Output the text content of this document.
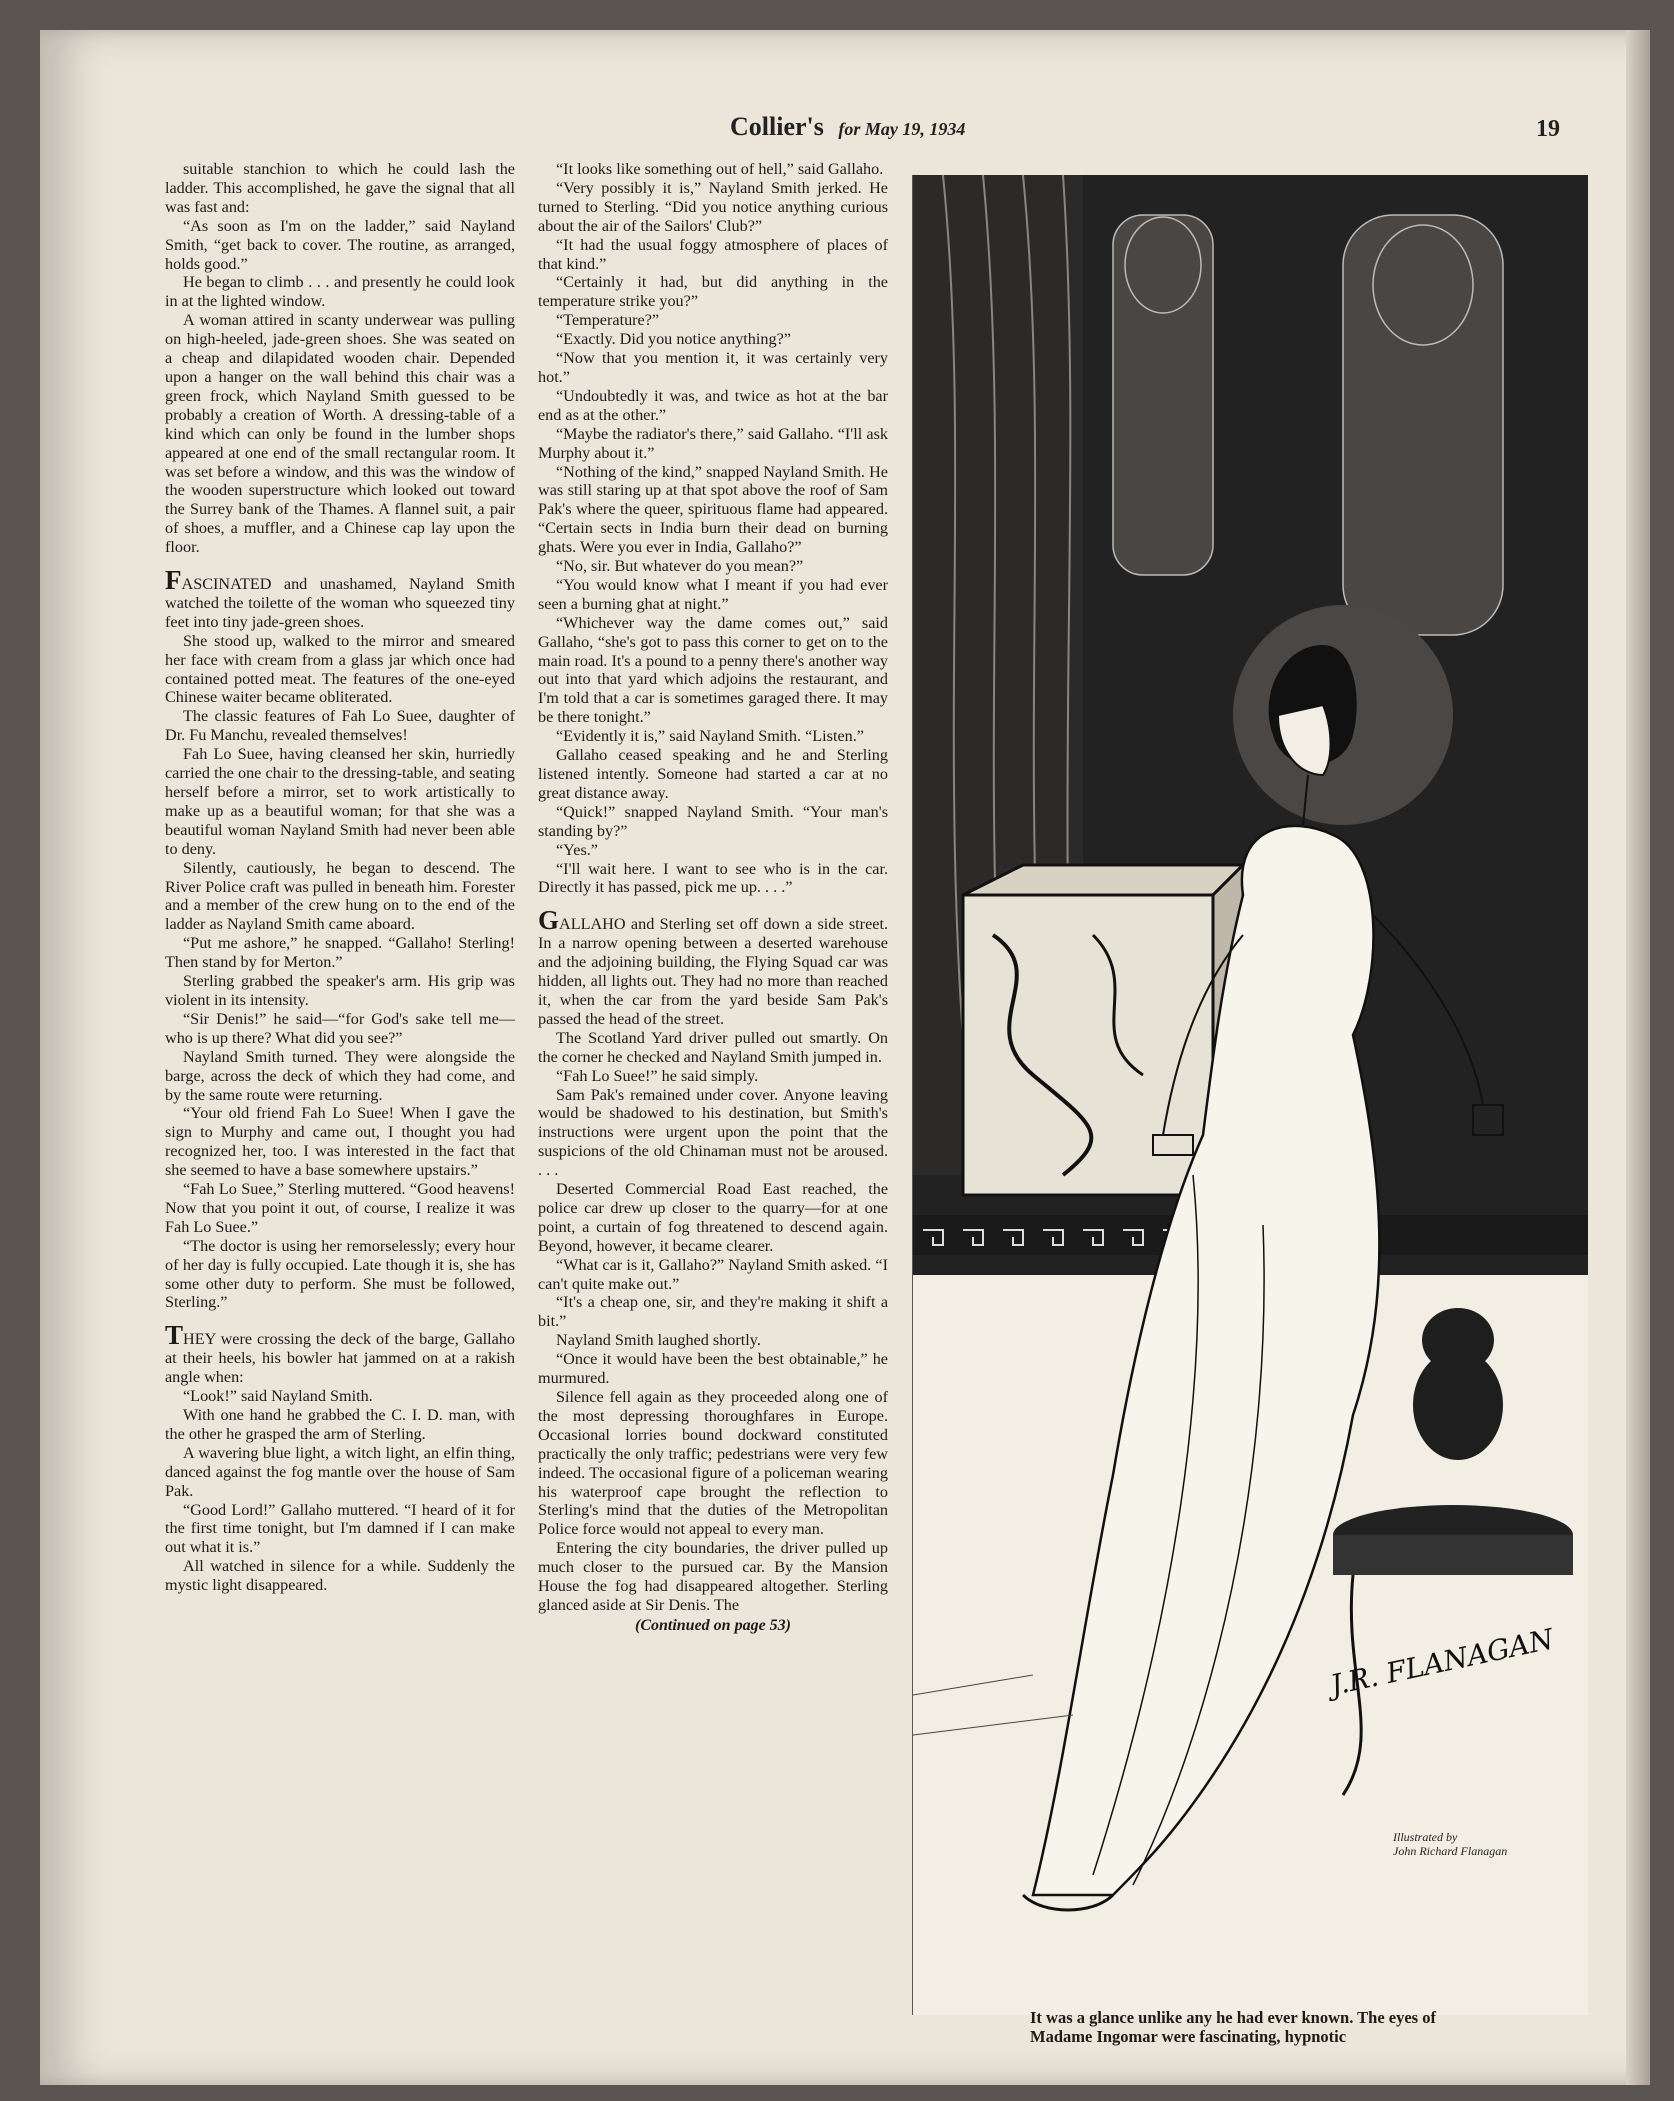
Collier's for May 19, 1934	19

suitable stanchion to which he could lash the ladder. This accomplished, he gave the signal that all was fast and:

“As soon as I'm on the ladder,” said Nayland Smith, “get back to cover. The routine, as arranged, holds good.”

He began to climb . . . and presently he could look in at the lighted window.

A woman attired in scanty underwear was pulling on high-heeled, jade-green shoes. She was seated on a cheap and dilapidated wooden chair. Depended upon a hanger on the wall behind this chair was a green frock, which Nayland Smith guessed to be probably a creation of Worth. A dressing-table of a kind which can only be found in the lumber shops appeared at one end of the small rectangular room. It was set before a window, and this was the window of the wooden superstructure which looked out toward the Surrey bank of the Thames. A flannel suit, a pair of shoes, a muffler, and a Chinese cap lay upon the floor.

FASCINATED and unashamed, Nayland Smith watched the toilette of the woman who squeezed tiny feet into tiny jade-green shoes.

She stood up, walked to the mirror and smeared her face with cream from a glass jar which once had contained potted meat. The features of the one-eyed Chinese waiter became obliterated.

The classic features of Fah Lo Suee, daughter of Dr. Fu Manchu, revealed themselves!

Fah Lo Suee, having cleansed her skin, hurriedly carried the one chair to the dressing-table, and seating herself before a mirror, set to work artistically to make up as a beautiful woman; for that she was a beautiful woman Nayland Smith had never been able to deny.

Silently, cautiously, he began to descend. The River Police craft was pulled in beneath him. Forester and a member of the crew hung on to the end of the ladder as Nayland Smith came aboard.

“Put me ashore,” he snapped. “Gallaho! Sterling! Then stand by for Merton.”

Sterling grabbed the speaker's arm. His grip was violent in its intensity.

“Sir Denis!” he said—“for God's sake tell me—who is up there? What did you see?”

Nayland Smith turned. They were alongside the barge, across the deck of which they had come, and by the same route were returning.

“Your old friend Fah Lo Suee! When I gave the sign to Murphy and came out, I thought you had recognized her, too. I was interested in the fact that she seemed to have a base somewhere upstairs.”

“Fah Lo Suee,” Sterling muttered. “Good heavens! Now that you point it out, of course, I realize it was Fah Lo Suee.”

“The doctor is using her remorselessly; every hour of her day is fully occupied. Late though it is, she has some other duty to perform. She must be followed, Sterling.”

THEY were crossing the deck of the barge, Gallaho at their heels, his bowler hat jammed on at a rakish angle when:

“Look!” said Nayland Smith.

With one hand he grabbed the C. I. D. man, with the other he grasped the arm of Sterling.

A wavering blue light, a witch light, an elfin thing, danced against the fog mantle over the house of Sam Pak.

“Good Lord!” Gallaho muttered. “I heard of it for the first time tonight, but I'm damned if I can make out what it is.”

All watched in silence for a while. Suddenly the mystic light disappeared.

“It looks like something out of hell,” said Gallaho.

“Very possibly it is,” Nayland Smith jerked. He turned to Sterling. “Did you notice anything curious about the air of the Sailors' Club?”

“It had the usual foggy atmosphere of places of that kind.”

“Certainly it had, but did anything in the temperature strike you?”

“Temperature?”

“Exactly. Did you notice anything?”

“Now that you mention it, it was certainly very hot.”

“Undoubtedly it was, and twice as hot at the bar end as at the other.”

“Maybe the radiator's there,” said Gallaho. “I'll ask Murphy about it.”

“Nothing of the kind,” snapped Nayland Smith. He was still staring up at that spot above the roof of Sam Pak's where the queer, spirituous flame had appeared. “Certain sects in India burn their dead on burning ghats. Were you ever in India, Gallaho?”

“No, sir. But whatever do you mean?”

“You would know what I meant if you had ever seen a burning ghat at night.”

“Whichever way the dame comes out,” said Gallaho, “she's got to pass this corner to get on to the main road. It's a pound to a penny there's another way out into that yard which adjoins the restaurant, and I'm told that a car is sometimes garaged there. It may be there tonight.”

“Evidently it is,” said Nayland Smith. “Listen.”

Gallaho ceased speaking and he and Sterling listened intently. Someone had started a car at no great distance away.

“Quick!” snapped Nayland Smith. “Your man's standing by?”

“Yes.”

“I'll wait here. I want to see who is in the car. Directly it has passed, pick me up. . . .”

GALLAHO and Sterling set off down a side street. In a narrow opening between a deserted warehouse and the adjoining building, the Flying Squad car was hidden, all lights out. They had no more than reached it, when the car from the yard beside Sam Pak's passed the head of the street.

The Scotland Yard driver pulled out smartly. On the corner he checked and Nayland Smith jumped in.

“Fah Lo Suee!” he said simply.

Sam Pak's remained under cover. Anyone leaving would be shadowed to his destination, but Smith's instructions were urgent upon the point that the suspicions of the old Chinaman must not be aroused. . . .

Deserted Commercial Road East reached, the police car drew up closer to the quarry—for at one point, a curtain of fog threatened to descend again. Beyond, however, it became clearer.

“What car is it, Gallaho?” Nayland Smith asked. “I can't quite make out.”

“It's a cheap one, sir, and they're making it shift a bit.”

Nayland Smith laughed shortly.

“Once it would have been the best obtainable,” he murmured.

Silence fell again as they proceeded along one of the most depressing thoroughfares in Europe. Occasional lorries bound dockward constituted practically the only traffic; pedestrians were very few indeed. The occasional figure of a policeman wearing his waterproof cape brought the reflection to Sterling's mind that the duties of the Metropolitan Police force would not appeal to every man.

Entering the city boundaries, the driver pulled up much closer to the pursued car. By the Mansion House the fog had disappeared altogether. Sterling glanced aside at Sir Denis. The

(Continued on page 53)	J.R. FLANAGAN
Illustrated by
John Richard Flanagan
It was a glance unlike any he had ever known. The eyes of Madame Ingomar were fascinating, hypnotic
